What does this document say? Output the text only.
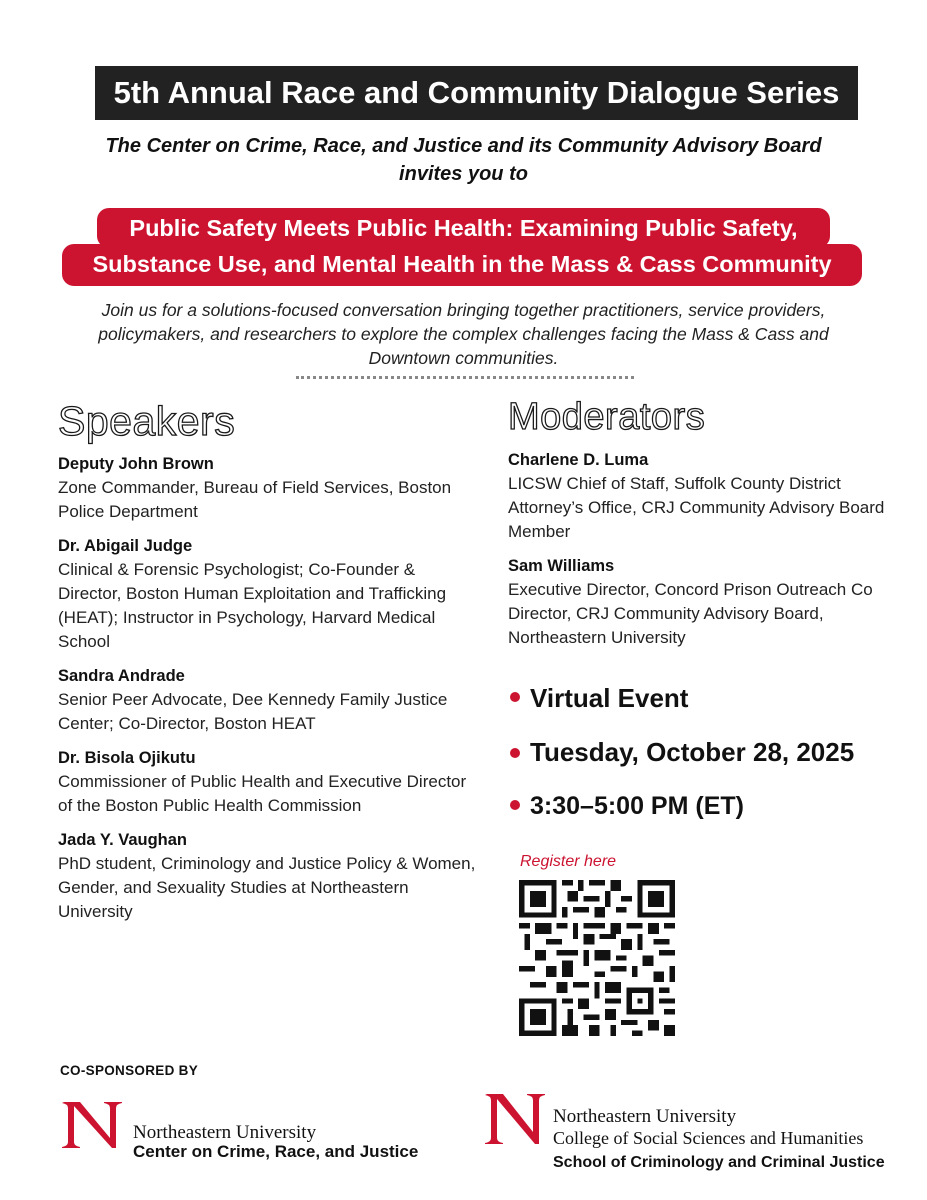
5th Annual Race and Community Dialogue Series
The Center on Crime, Race, and Justice and its Community Advisory Board invites you to
Public Safety Meets Public Health: Examining Public Safety,
Substance Use, and Mental Health in the Mass & Cass Community
Join us for a solutions-focused conversation bringing together practitioners, service providers, policymakers, and researchers to explore the complex challenges facing the Mass & Cass and Downtown communities.
Speakers
Deputy John Brown
Zone Commander, Bureau of Field Services, Boston Police Department
Dr. Abigail Judge
Clinical & Forensic Psychologist; Co-Founder & Director, Boston Human Exploitation and Trafficking (HEAT); Instructor in Psychology, Harvard Medical School
Sandra Andrade
Senior Peer Advocate, Dee Kennedy Family Justice Center; Co-Director, Boston HEAT
Dr. Bisola Ojikutu
Commissioner of Public Health and Executive Director of the Boston Public Health Commission
Jada Y. Vaughan
PhD student, Criminology and Justice Policy & Women, Gender, and Sexuality Studies at Northeastern University
Moderators
Charlene D. Luma
LICSW Chief of Staff, Suffolk County District Attorney’s Office, CRJ Community Advisory Board Member
Sam Williams
Executive Director, Concord Prison Outreach Co Director, CRJ Community Advisory Board, Northeastern University
Virtual Event
Tuesday, October 28, 2025
3:30–5:00 PM (ET)
Register here
CO-SPONSORED BY
Northeastern University
Center on Crime, Race, and Justice
Northeastern University
College of Social Sciences and Humanities
School of Criminology and Criminal Justice
